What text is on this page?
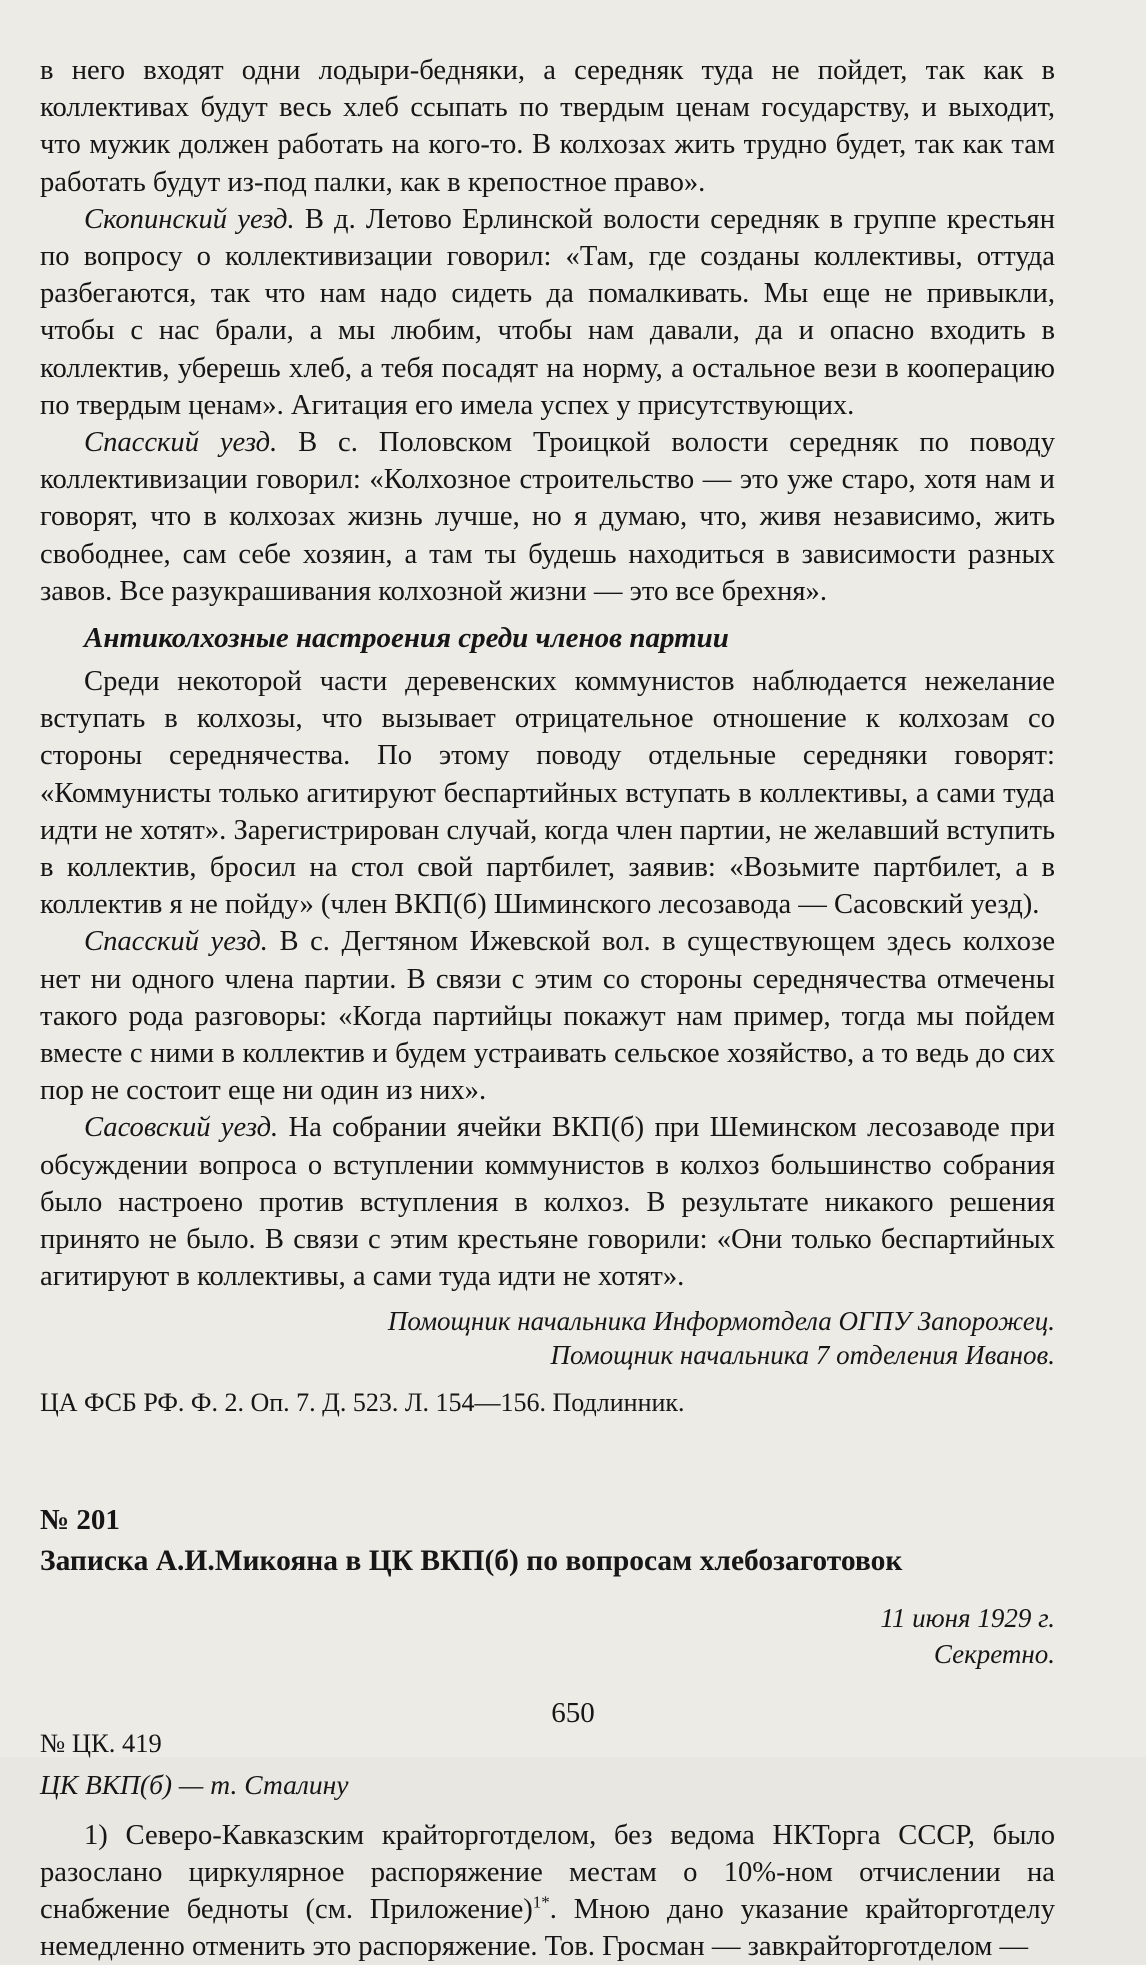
в него входят одни лодыри-бедняки, а середняк туда не пойдет, так как в коллективах будут весь хлеб ссыпать по твердым ценам государству, и выходит, что мужик должен работать на кого-то. В колхозах жить трудно будет, так как там работать будут из-под палки, как в крепостное право».

Скопинский уезд. В д. Летово Ерлинской волости середняк в группе крестьян по вопросу о коллективизации говорил: «Там, где созданы коллективы, оттуда разбегаются, так что нам надо сидеть да помалкивать. Мы еще не привыкли, чтобы с нас брали, а мы любим, чтобы нам давали, да и опасно входить в коллектив, уберешь хлеб, а тебя посадят на норму, а остальное вези в кооперацию по твердым ценам». Агитация его имела успех у присутствующих.

Спасский уезд. В с. Половском Троицкой волости середняк по поводу коллективизации говорил: «Колхозное строительство — это уже старо, хотя нам и говорят, что в колхозах жизнь лучше, но я думаю, что, живя независимо, жить свободнее, сам себе хозяин, а там ты будешь находиться в зависимости разных завов. Все разукрашивания колхозной жизни — это все брехня».

Антиколхозные настроения среди членов партии

Среди некоторой части деревенских коммунистов наблюдается нежелание вступать в колхозы, что вызывает отрицательное отношение к колхозам со стороны середнячества. По этому поводу отдельные середняки говорят: «Коммунисты только агитируют беспартийных вступать в коллективы, а сами туда идти не хотят». Зарегистрирован случай, когда член партии, не желавший вступить в коллектив, бросил на стол свой партбилет, заявив: «Возьмите партбилет, а в коллектив я не пойду» (член ВКП(б) Шиминского лесозавода — Сасовский уезд).

Спасский уезд. В с. Дегтяном Ижевской вол. в существующем здесь колхозе нет ни одного члена партии. В связи с этим со стороны середнячества отмечены такого рода разговоры: «Когда партийцы покажут нам пример, тогда мы пойдем вместе с ними в коллектив и будем устраивать сельское хозяйство, а то ведь до сих пор не состоит еще ни один из них».

Сасовский уезд. На собрании ячейки ВКП(б) при Шеминском лесозаводе при обсуждении вопроса о вступлении коммунистов в колхоз большинство собрания было настроено против вступления в колхоз. В результате никакого решения принято не было. В связи с этим крестьяне говорили: «Они только беспартийных агитируют в коллективы, а сами туда идти не хотят».

Помощник начальника Информотдела ОГПУ Запорожец.
Помощник начальника 7 отделения Иванов.
ЦА ФСБ РФ. Ф. 2. Оп. 7. Д. 523. Л. 154—156. Подлинник.
№ 201
Записка А.И.Микояна в ЦК ВКП(б) по вопросам хлебозаготовок
11 июня 1929 г.
Секретно.
№ ЦК. 419
ЦК ВКП(б) — т. Сталину

1) Северо-Кавказским крайторготделом, без ведома НКТорга СССР, было разослано циркулярное распоряжение местам о 10%-ном отчислении на снабжение бедноты (см. Приложение)$^{1*}$. Мною дано указание крайторготделу немедленно отменить это распоряжение. Тов. Гросман — завкрайторготделом —

650
